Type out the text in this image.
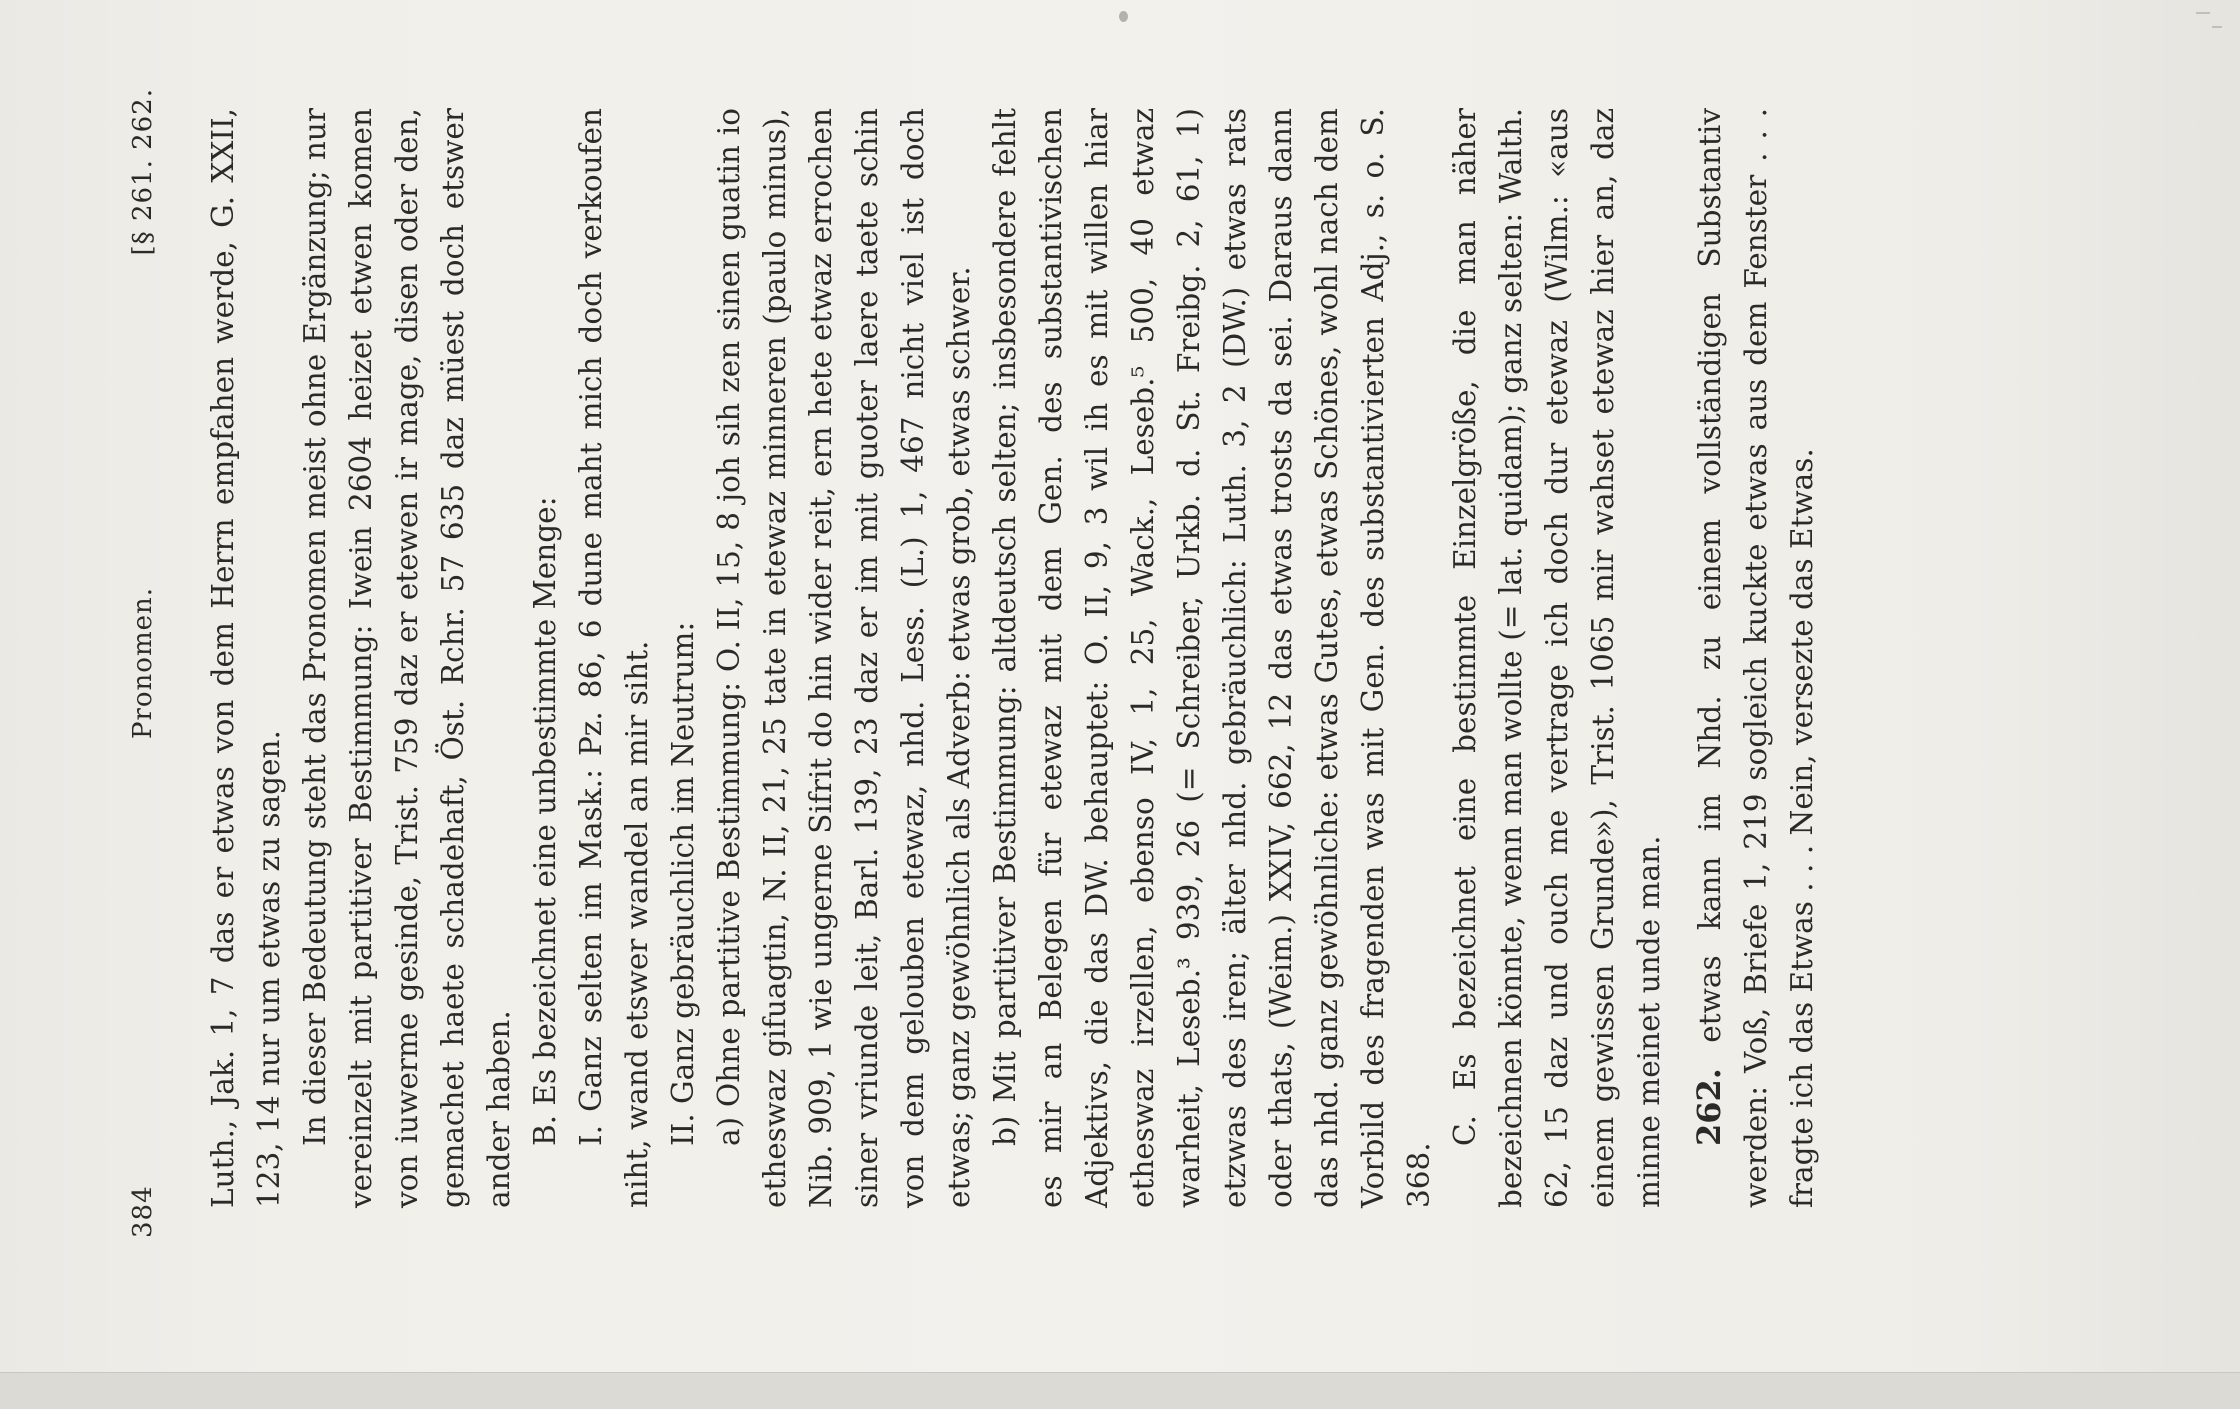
384
Pronomen.
[§ 261. 262. Luth., Jak. 1, 7 das er etwas von dem Herrn empfahen werde, G. XXII, 123, 14 nur um etwas zu sagen. In dieser Bedeutung steht das Pronomen meist ohne Ergänzung; nur vereinzelt mit partitiver Bestimmung: Iwein 2604 heizet etwen komen von iuwerme gesinde, Trist. 759 daz er etewen ir mage, disen oder den, gemachet haete schadehaft, Öst. Rchr. 57 635 daz müest doch etswer ander haben. B. Es bezeichnet eine unbestimmte Menge: I. Ganz selten im Mask.: Pz. 86, 6 dune maht mich doch verkoufen niht, wand etswer wandel an mir siht. II. Ganz gebräuchlich im Neutrum: a) Ohne partitive Bestimmung: O. II, 15, 8 joh sih zen sinen guatin io etheswaz gifuagtin, N. II, 21, 25 tate in etewaz minneren (paulo minus), Nib. 909, 1 wie ungerne Sifrit do hin wider reit, ern hete etwaz errochen siner vriunde leit, Barl. 139, 23 daz er im mit guoter laere taete schin von dem gelouben etewaz, nhd. Less. (L.) 1, 467 nicht viel ist doch etwas; ganz gewöhnlich als Adverb: etwas grob, etwas schwer. b) Mit partitiver Bestimmung: altdeutsch selten; insbesondere fehlt es mir an Belegen für etewaz mit dem Gen. des substantivischen Adjektivs, die das DW. behauptet: O. II, 9, 3 wil ih es mit willen hiar etheswaz irzellen, ebenso IV, 1, 25, Wack., Leseb.⁵ 500, 40 etwaz warheit, Leseb.³ 939, 26 (= Schreiber, Urkb. d. St. Freibg. 2, 61, 1) etzwas des iren; älter nhd. gebräuchlich: Luth. 3, 2 (DW.) etwas rats oder thats, (Weim.) XXIV, 662, 12 das etwas trosts da sei. Daraus dann das nhd. ganz gewöhnliche: etwas Gutes, etwas Schönes, wohl nach dem Vorbild des fragenden was mit Gen. des substantivierten Adj., s. o. S. 368.

C. Es bezeichnet eine bestimmte Einzelgröße, die man näher bezeichnen könnte, wenn man wollte (= lat. quidam); ganz selten: Walth. 62, 15 daz und ouch me vertrage ich doch dur etewaz (Wilm.: «aus einem gewissen Grunde»), Trist. 1065 mir wahset etewaz hier an, daz minne meinet unde man. 262. etwas kann im Nhd. zu einem vollständigen Substantiv werden: Voß, Briefe 1, 219 sogleich kuckte etwas aus dem Fenster . . . fragte ich das Etwas . . . Nein, versezte das Etwas.
